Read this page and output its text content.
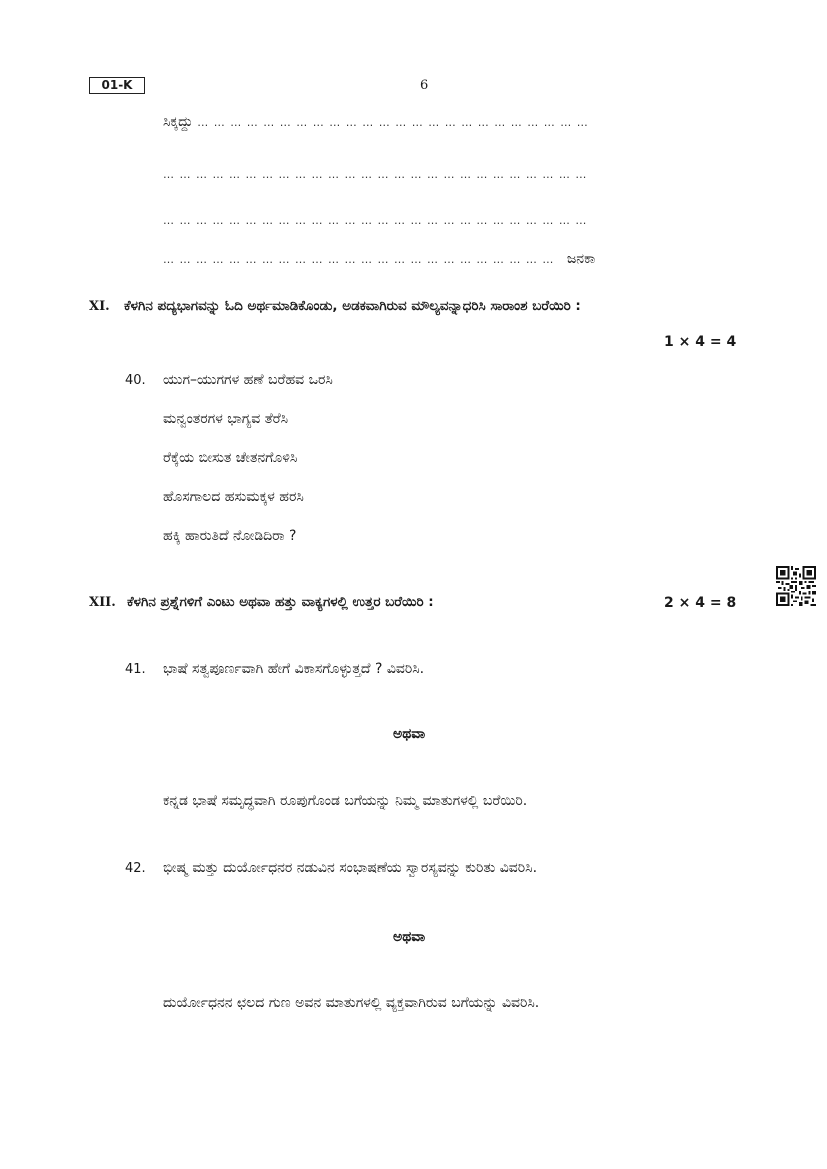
01-K	6
ಸಿಕ್ಕದ್ದು … … … … … … … … … … … … … … … … … … … … … … … …
… … … … … … … … … … … … … … … … … … … … … … … … … …
… … … … … … … … … … … … … … … … … … … … … … … … … …
… … … … … … … … … … … … … … … … … … … … … … … … ಜನಕಾ
XI. ಕೆಳಗಿನ ಪದ್ಯಭಾಗವನ್ನು ಓದಿ ಅರ್ಥಮಾಡಿಕೊಂಡು, ಅಡಕವಾಗಿರುವ ಮೌಲ್ಯವನ್ನಾಧರಿಸಿ ಸಾರಾಂಶ ಬರೆಯಿರಿ :
1 × 4 = 4
40. ಯುಗ–ಯುಗಗಳ ಹಣೆ ಬರೆಹವ ಒರಸಿ
ಮನ್ವಂತರಗಳ ಭಾಗ್ಯವ ತೆರೆಸಿ
ರೆಕ್ಕೆಯ ಬೀಸುತ ಚೇತನಗೊಳಿಸಿ
ಹೊಸಗಾಲದ ಹಸುಮಕ್ಕಳ ಹರಸಿ
ಹಕ್ಕಿ ಹಾರುತಿದೆ ನೋಡಿದಿರಾ ?
XII. ಕೆಳಗಿನ ಪ್ರಶ್ನೆಗಳಿಗೆ ಎಂಟು ಅಥವಾ ಹತ್ತು ವಾಕ್ಯಗಳಲ್ಲಿ ಉತ್ತರ ಬರೆಯಿರಿ :	2 × 4 = 8
41. ಭಾಷೆ ಸತ್ವಪೂರ್ಣವಾಗಿ ಹೇಗೆ ವಿಕಾಸಗೊಳ್ಳುತ್ತದೆ ? ವಿವರಿಸಿ.
ಅಥವಾ
ಕನ್ನಡ ಭಾಷೆ ಸಮೃದ್ಧವಾಗಿ ರೂಪುಗೊಂಡ ಬಗೆಯನ್ನು ನಿಮ್ಮ ಮಾತುಗಳಲ್ಲಿ ಬರೆಯಿರಿ.
42. ಭೀಷ್ಮ ಮತ್ತು ದುರ್ಯೋಧನರ ನಡುವಿನ ಸಂಭಾಷಣೆಯ ಸ್ವಾರಸ್ಯವನ್ನು ಕುರಿತು ವಿವರಿಸಿ.
ಅಥವಾ
ದುರ್ಯೋಧನನ ಛಲದ ಗುಣ ಅವನ ಮಾತುಗಳಲ್ಲಿ ವ್ಯಕ್ತವಾಗಿರುವ ಬಗೆಯನ್ನು ವಿವರಿಸಿ.
